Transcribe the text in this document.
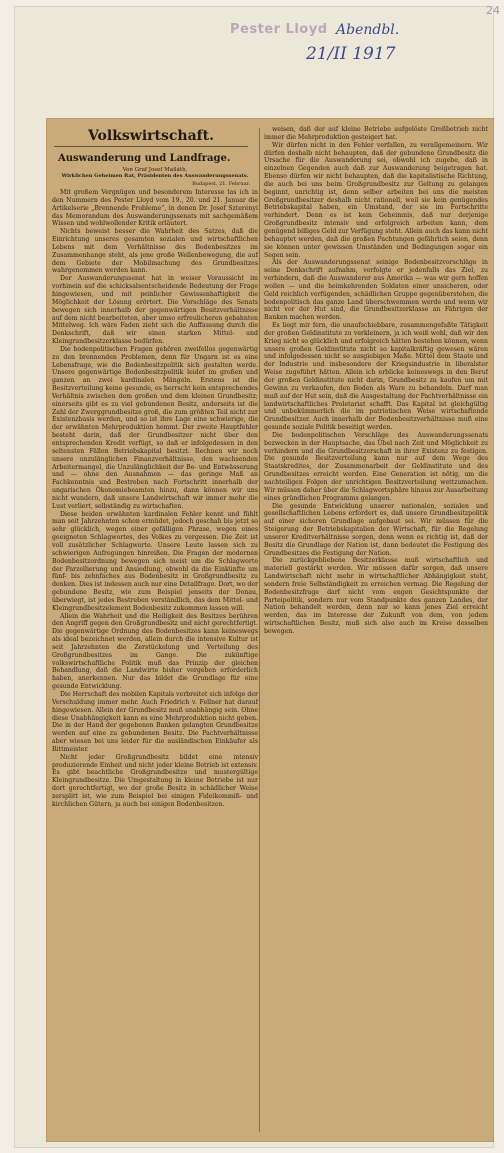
Pester Lloyd Abendbl.
21/II 1917
24
Volkswirtschaft.
Auswanderung und Landfrage.
Von Graf Josef Mailáth,
Wirklichen Geheimen Rat, Präsidenten des Auswanderungssenats.
Budapest, 21. Februar.

Mit großem Vergnügen und besonderem Interesse las ich in den Nummern des Pester Lloyd vom 19., 20. und 21. Januar die Artikelserie „Brennende Probleme“, in denen Dr. Josef Szterényi das Memorandum des Auswanderungssenats mit sachgemäßem Wissen und wohlwollender Kritik erläutert.

Nichts beweist besser die Wahrheit des Satzes, daß die Einrichtung unseres gesamten sozialen und wirtschaftlichen Lebens mit dem Verhältnisse des Bodenbesitzes im Zusammenhange steht, als jene große Wellenbewegung, die auf dem Gebiete der Mobilmachung des Grundbesitzes wahrgenommen werden kann.

Der Auswanderungssenat hat in weiser Voraussicht im vorhinein auf die schicksalsentscheidende Bedeutung der Frage hingewiesen, und mit peinlicher Gewissenhaftigkeit die Möglichkeit der Lösung erörtert. Die Vorschläge des Senats bewegen sich innerhalb der gegenwärtigen Besitzverhältnisse auf dem nicht bearbeiteten, aber umso erfreulicheren gebahnten Mittelweg. Ich wäre Faden zieht sich die Auffassung durch die Denkschrift, daß wir einen starken Mittel- und Kleingrundbesitzerklasse bedürfen.

Die bodenpolitischen Fragen gehören zweifellos gegenwärtig zu den brennenden Problemen, denn für Ungarn ist es eine Lebensfrage, wie die Bodenbesitzpolitik sich gestalten werde. Unsere gegenwärtige Bodenbesitzpolitik leidet im großen und ganzen an zwei kardinalen Mängeln. Erstens ist die Besitzverteilung keine gesunde, es herrscht kein entsprechendes Verhältnis zwischen dem großen und dem kleinen Grundbesitz; einerseits gibt es zu viel gebundenen Besitz, anderseits ist die Zahl der Zwerggrundbesitze groß, die zum größten Teil nicht zur Existenzbasis werden, und so ist ihre Lage eine schwierige, die der erwähnten Mehrproduktion hemmt. Der zweite Hauptfehler besteht darin, daß der Grundbesitzer nicht über den entsprechenden Kredit verfügt, so daß er infolgedessen in den seltensten Fällen Betriebskapital besitzt. Rechnen wir noch unsere unzulänglichen Finanzverhältnisse, den wachsenden Arbeitermangel, die Unzulänglichkeit der Be- und Entwässerung und — ohne den Ausnahmen — das geringe Maß an Fachkenntnis und Bestreben nach Fortschritt innerhalb der ungarischen Ökonomiebeamten hinzu, dann können wir uns nicht wundern, daß unsere Landwirtschaft wir immer mehr die Lust verliert, selbständig zu wirtschaften.

Diese beiden erwähnten kardinalen Fehler kennt und fühlt man seit Jahrzehnten schon ermüdet, jedoch geschah bis jetzt so sehr glücklich, wegen einer gefälligen Phrase, wegen eines geeigneten Schlagwortes, des Volkes zu vergessen. Die Zeit ist voll zusätzlicher Schlagworte. Unsere Leute lassen sich zu schwierigen Aufregungen hinreißen. Die Fragen der modernen Bodenbesitzordnung bewegen sich meist um die Schlagworte der Parzellierung und Ansiedlung, obwohl da die Einkünfte um fünf- bis zehnfaches aus Bodenbesitz in Großgrundbesitz zu denken. Dies ist indessen auch nur eine Detailfrage. Dort, wo der gebundene Besitz, wie zum Beispiel jenseits der Donau, überwiegt, ist jedes Bestreben verständlich, das dem Mittel- und Kleingrundbesitzelement Bodenbesitz zukommen lassen will.

Allein die Wahrheit und die Heiligkeit des Besitzes berühren den Angriff gegen den Großgrundbesitz und nicht gerechtfertigt. Die gegenwärtige Ordnung des Bodenbesitzes kann keineswegs als ideal bezeichnet werden, allein durch die intensive Kultur ist seit Jahrzehnten die Zerstückelung und Verteilung des Großgrundbesitzes im Gange. Die zukünftige volkswirtschaftliche Politik muß das Prinzip der gleichen Behandlung, daß die Landwirte bisher vergeben erforderlich haben, anerkennen. Nur das bildet die Grundlage für eine gesunde Entwicklung.

Die Herrschaft des mobilen Kapitals verbreitet sich infolge der Verschuldung immer mehr. Auch Friedrich v. Fellner hat darauf hingewiesen. Allein der Grundbesitz muß unabhängig sein. Ohne diese Unabhängigkeit kann es eine Mehrproduktion nicht geben. Die in der Hand der gegebenen Banken gelangten Grundbesitze werden auf eine zu gebundenen Besitz. Die Pachtverhältnisse aber wiesen bei uns leider für die ausländischen Einkäufer als Rittmeister.

Nicht jeder Großgrundbesitz bildet eine intensiv produzierende Einheit und nicht jeder kleine Betrieb ist extensiv. Es gibt beachtliche Großgrundbesitze und mustergültige Kleingrundbesitze. Die Umgestaltung in kleine Betriebe ist nur dort gerechtfertigt, wo der große Besitz in schädlicher Weise zersplitt ist, wie zum Beispiel bei einigen Fideikommiß- und kirchlichen Gütern, ja auch bei einigen Bodenbesitzen.

weisen, daß der auf kleine Betriebe aufgelöste Großbetrieb nicht immer die Mehrproduktion gesteigert hat.

Wir dürfen nicht in den Fehler verfallen, zu verallgemeinern. Wir dürfen deshalb nicht behaupten, daß der gebundene Grundbesitz die Ursache für die Auswanderung sei, obwohl ich zugebe, daß in einzelnen Gegenden auch daß zur Auswanderung beigetragen hat. Ebenso dürfen wir nicht behaupten, daß die kapitalistische Richtung, die auch bei uns beim Großgrundbesitz zur Geltung zu gelangen beginnt, unrichtig ist, denn selber arbeiten bei uns die meisten Großgrundbesitzer deshalb nicht rationell, weil sie kein genügendes Betriebskapital haben, ein Umstand, der sie im Fortschritte verhindert. Denn es ist kein Geheimnis, daß nur derjenige Großgrundbesitz intensiv und erfolgreich arbeiten kann, dem genügend billiges Geld zur Verfügung steht. Allein auch das kann nicht behauptet werden, daß die großen Pachtungen gefährlich seien, denn sie können unter gewissen Umständen und Bedingungen sogar ein Segen sein.

Als der Auswanderungssenat seinige Bodenbesitzvorschläge in seine Denkschrift aufnahm, verfolgte er jedenfalls das Ziel, zu verhindern, daß die Auswanderer aus Amerika — was wir gern hoffen wollen — und die heimkehrenden Soldaten einer unsicheren, oder Geld reichlich verfügenden, schädlichen Gruppe gegenüberstehen, die bodenpolitisch das ganze Land überschwemmen werde und wenn wir nicht vor der Hut sind, die Grundbesitzerklasse an Fährigen der Banken machen werden.

Es liegt mir fern, die unaufschiebbare, zusammengefaßte Tätigkeit der großen Geldinstitute zu verkleinern, ja ich weiß wohl, daß wir den Krieg nicht so glücklich und erfolgreich hätten bestehen können, wenn unsere großen Geldinstitute nicht so kapitalkräftig gewesen wären und infolgedessen nicht so ausgiebigen Maße. Mittel dem Staate und der Industrie und insbesondere der Kriegsindustrie in liberalster Weise zugeführt hätten. Allein ich erblicke keineswegs in den Beruf der großen Geldinstitute nicht darin, Grundbesitz zu kaufen um mit Gewinn zu verkaufen, den Boden als Ware zu behandeln. Darf man muß auf der Hut sein, daß die Ausgestaltung der Pachtverhältnisse ein landwirtschaftliches Proletariat schafft. Das Kapital ist gleichgültig und unbekümmerlich die im patriotischen Weise wirtschaftende Grundbesitzer. Auch innerhalb der Bodenbesitzverhältnisse muß eine gesunde soziale Politik beseitigt werden.

Die bodenpolitischen Vorschläge des Auswanderungssenats bezwecken in der Hauptsache, das Übel nach Zeit und Möglichkeit zu verhindern und die Grundbesitzerschaft in ihrer Existenz zu festigen. Die gesunde Besitzverteilung kann nur auf dem Wege des Staatskredites, der Zusammenarbeit der Geldinstitute und des Grundbesitzes erreicht werden. Eine Generation ist nötig, um die nachteiligen Folgen der unrichtigen Besitzverteilung wettzumachen. Wir müssen daher über die Schlagwortsphäre hinaus zur Ausarbeitung eines gründlichen Programms gelangen.

Die gesunde Entwicklung unserer nationalen, sozialen und gesellschaftlichen Lebens erfordert es, daß unsere Grundbesitzpolitik auf einer sicheren Grundlage aufgebaut sei. Wir müssen für die Steigerung der Betriebskapitalien der Wirtschaft, für die Regelung unserer Kreditverhältnisse sorgen, denn wenn es richtig ist, daß der Besitz die Grundlage der Nation ist, dann bedeutet die Festigung des Grundbesitzes die Festigung der Nation.

Die zurückgebliebene Besitzerklasse muß wirtschaftlich und materiell gestärkt werden. Wir müssen dafür sorgen, daß unsere Landwirtschaft nicht mehr in wirtschaftlicher Abhängigkeit steht, sondern freie Selbständigkeit zu erreichen vermag. Die Regelung der Bodenbesitzfrage darf nicht vom engen Gesichtspunkte der Parteipolitik, sondern nur vom Standpunkte des ganzen Landes, der Nation behandelt werden, denn nur so kann jenes Ziel erreicht werden, das im Interesse der Zukunft von dem, von jedem wirtschaftlichen Besitz, muß sich also auch im Kreise desselben bewegen.
